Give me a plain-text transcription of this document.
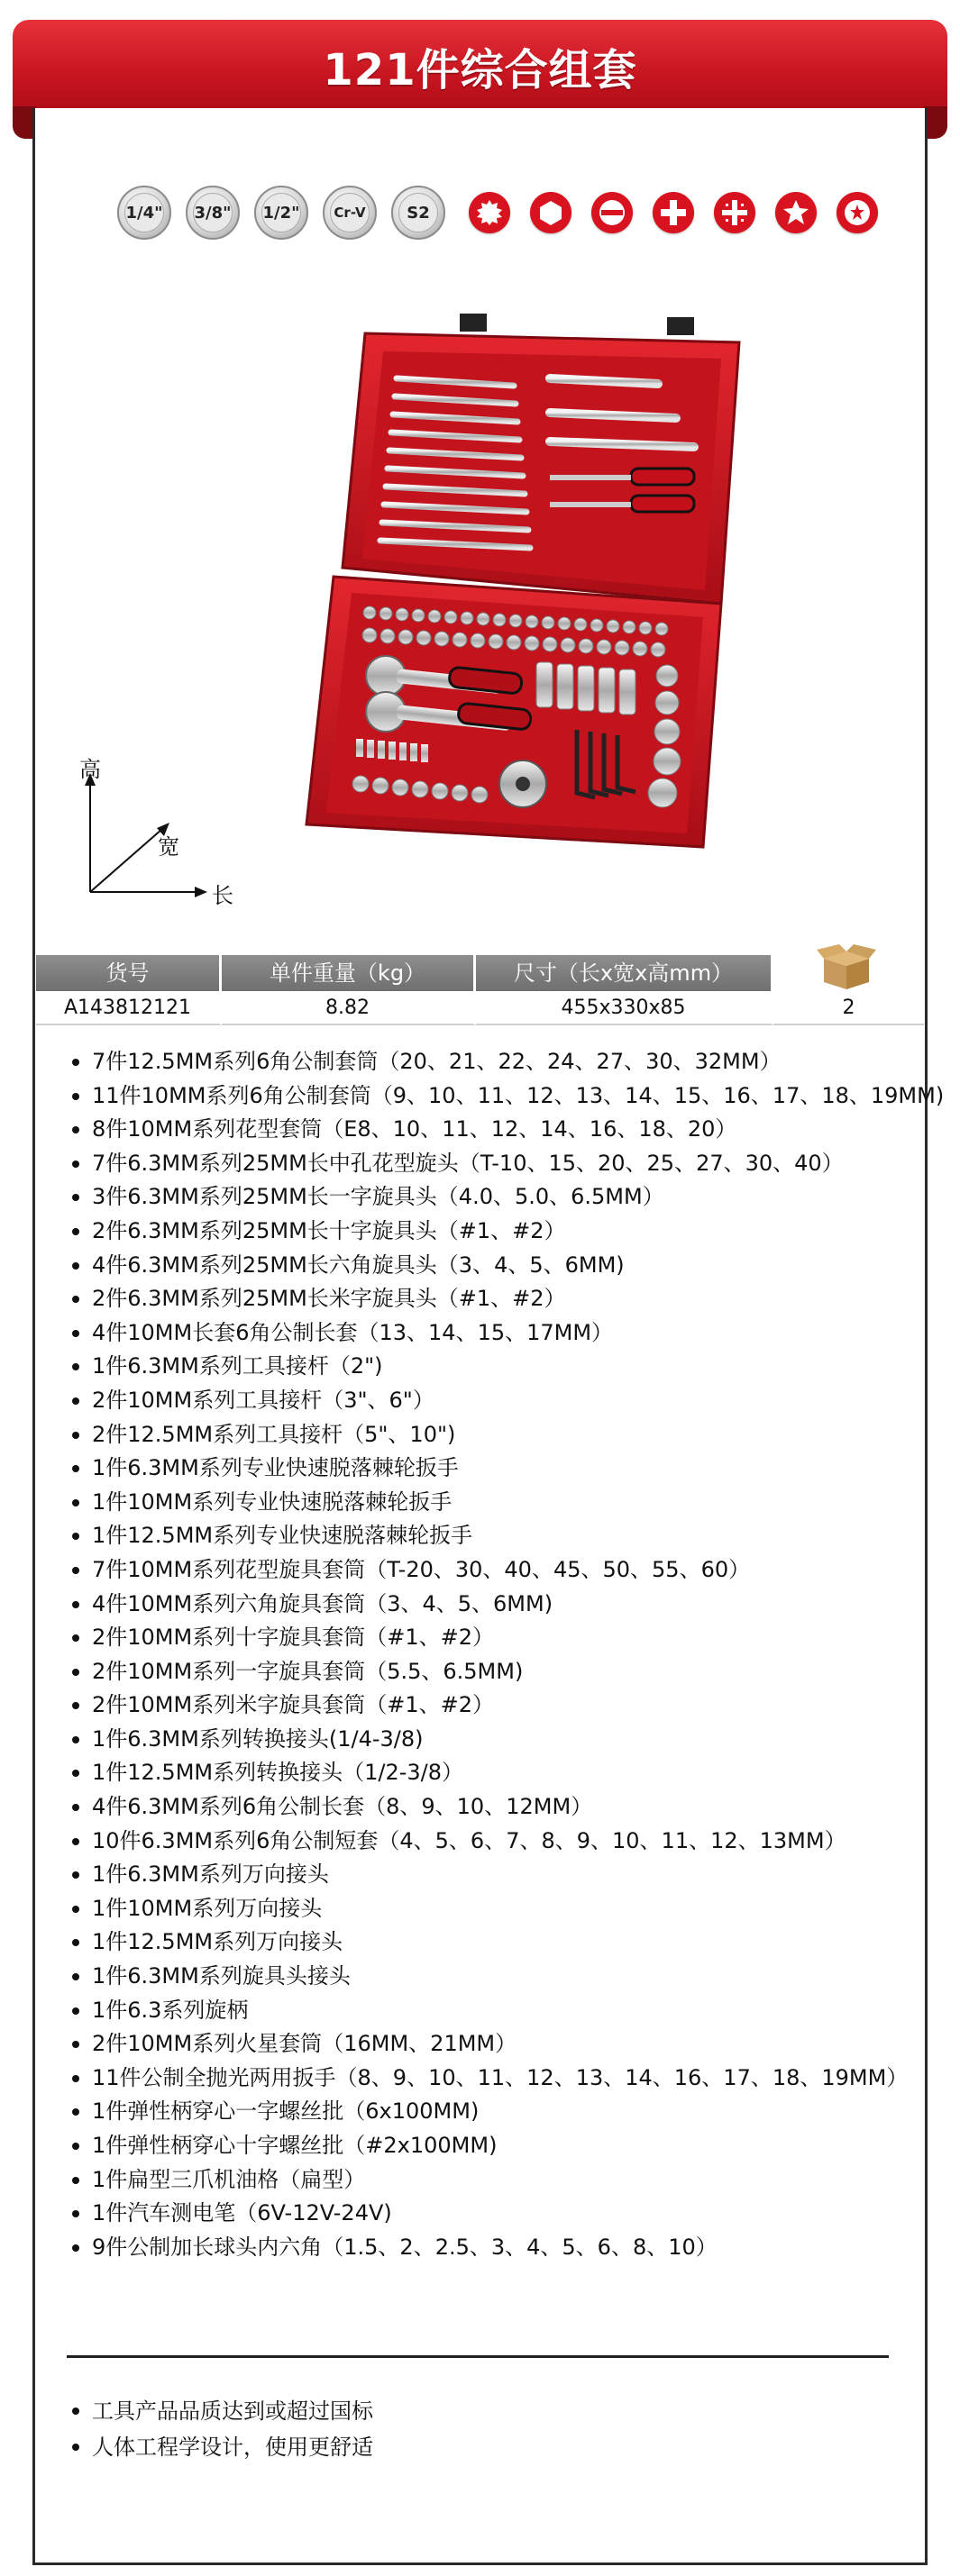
121件综合组套
1/4" 3/8" 1/2"	Cr-V	S2
高
宽
长
货号	单件重量（kg）	尺寸（长x宽x高mm）
A143812121	8.82	455x330x85	2
7件12.5MM系列6角公制套筒（20、21、22、24、27、30、32MM）
11件10MM系列6角公制套筒（9、10、11、12、13、14、15、16、17、18、19MM)
8件10MM系列花型套筒（E8、10、11、12、14、16、18、20）
7件6.3MM系列25MM长中孔花型旋头（T-10、15、20、25、27、30、40）
3件6.3MM系列25MM长一字旋具头（4.0、5.0、6.5MM）
2件6.3MM系列25MM长十字旋具头（#1、#2）
4件6.3MM系列25MM长六角旋具头（3、4、5、6MM)
2件6.3MM系列25MM长米字旋具头（#1、#2）
4件10MM长套6角公制长套（13、14、15、17MM）
1件6.3MM系列工具接杆（2")
2件10MM系列工具接杆（3"、6"）
2件12.5MM系列工具接杆（5"、10")
1件6.3MM系列专业快速脱落棘轮扳手
1件10MM系列专业快速脱落棘轮扳手
1件12.5MM系列专业快速脱落棘轮扳手
7件10MM系列花型旋具套筒（T-20、30、40、45、50、55、60）
4件10MM系列六角旋具套筒（3、4、5、6MM)
2件10MM系列十字旋具套筒（#1、#2）
2件10MM系列一字旋具套筒（5.5、6.5MM)
2件10MM系列米字旋具套筒（#1、#2）
1件6.3MM系列转换接头(1/4-3/8)
1件12.5MM系列转换接头（1/2-3/8）
4件6.3MM系列6角公制长套（8、9、10、12MM）
10件6.3MM系列6角公制短套（4、5、6、7、8、9、10、11、12、13MM）
1件6.3MM系列万向接头
1件10MM系列万向接头
1件12.5MM系列万向接头
1件6.3MM系列旋具头接头
1件6.3系列旋柄
2件10MM系列火星套筒（16MM、21MM）
11件公制全抛光两用扳手（8、9、10、11、12、13、14、16、17、18、19MM）
1件弹性柄穿心一字螺丝批（6x100MM)
1件弹性柄穿心十字螺丝批（#2x100MM)
1件扁型三爪机油格（扁型）
1件汽车测电笔（6V-12V-24V)
9件公制加长球头内六角（1.5、2、2.5、3、4、5、6、8、10）
工具产品品质达到或超过国标
人体工程学设计，使用更舒适
